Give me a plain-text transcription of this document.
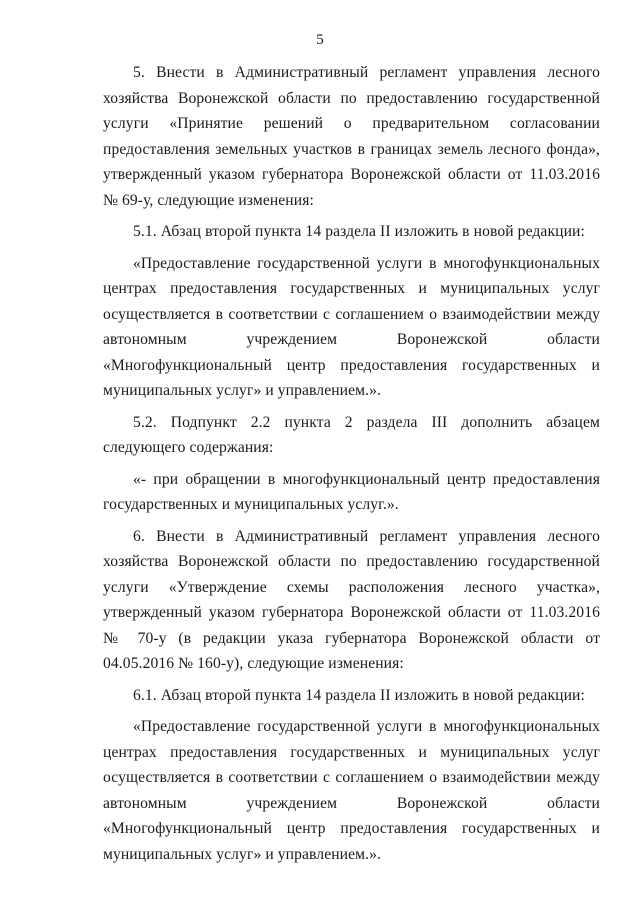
5

5. Внести в Административный регламент управления лесного хозяйства Воронежской области по предоставлению государственной услуги «Принятие решений о предварительном согласовании предоставления земельных участков в границах земель лесного фонда», утвержденный указом губернатора Воронежской области от 11.03.2016 № 69-у, следующие изменения:

5.1. Абзац второй пункта 14 раздела II изложить в новой редакции:

«Предоставление государственной услуги в многофункциональных центрах предоставления государственных и муниципальных услуг осуществляется в соответствии с соглашением о взаимодействии между автономным учреждением Воронежской области «Многофункциональный центр предоставления государственных и муниципальных услуг» и управлением.».

5.2. Подпункт 2.2 пункта 2 раздела III дополнить абзацем следующего содержания:

«- при обращении в многофункциональный центр предоставления государственных и муниципальных услуг.».

6. Внести в Административный регламент управления лесного хозяйства Воронежской области по предоставлению государственной услуги «Утверждение схемы расположения лесного участка», утвержденный указом губернатора Воронежской области от 11.03.2016 № 70-у (в редакции указа губернатора Воронежской области от 04.05.2016 № 160-у), следующие изменения:

6.1. Абзац второй пункта 14 раздела II изложить в новой редакции:

«Предоставление государственной услуги в многофункциональных центрах предоставления государственных и муниципальных услуг осуществляется в соответствии с соглашением о взаимодействии между автономным учреждением Воронежской области «Многофункциональный центр предоставления государственных и муниципальных услуг» и управлением.».
